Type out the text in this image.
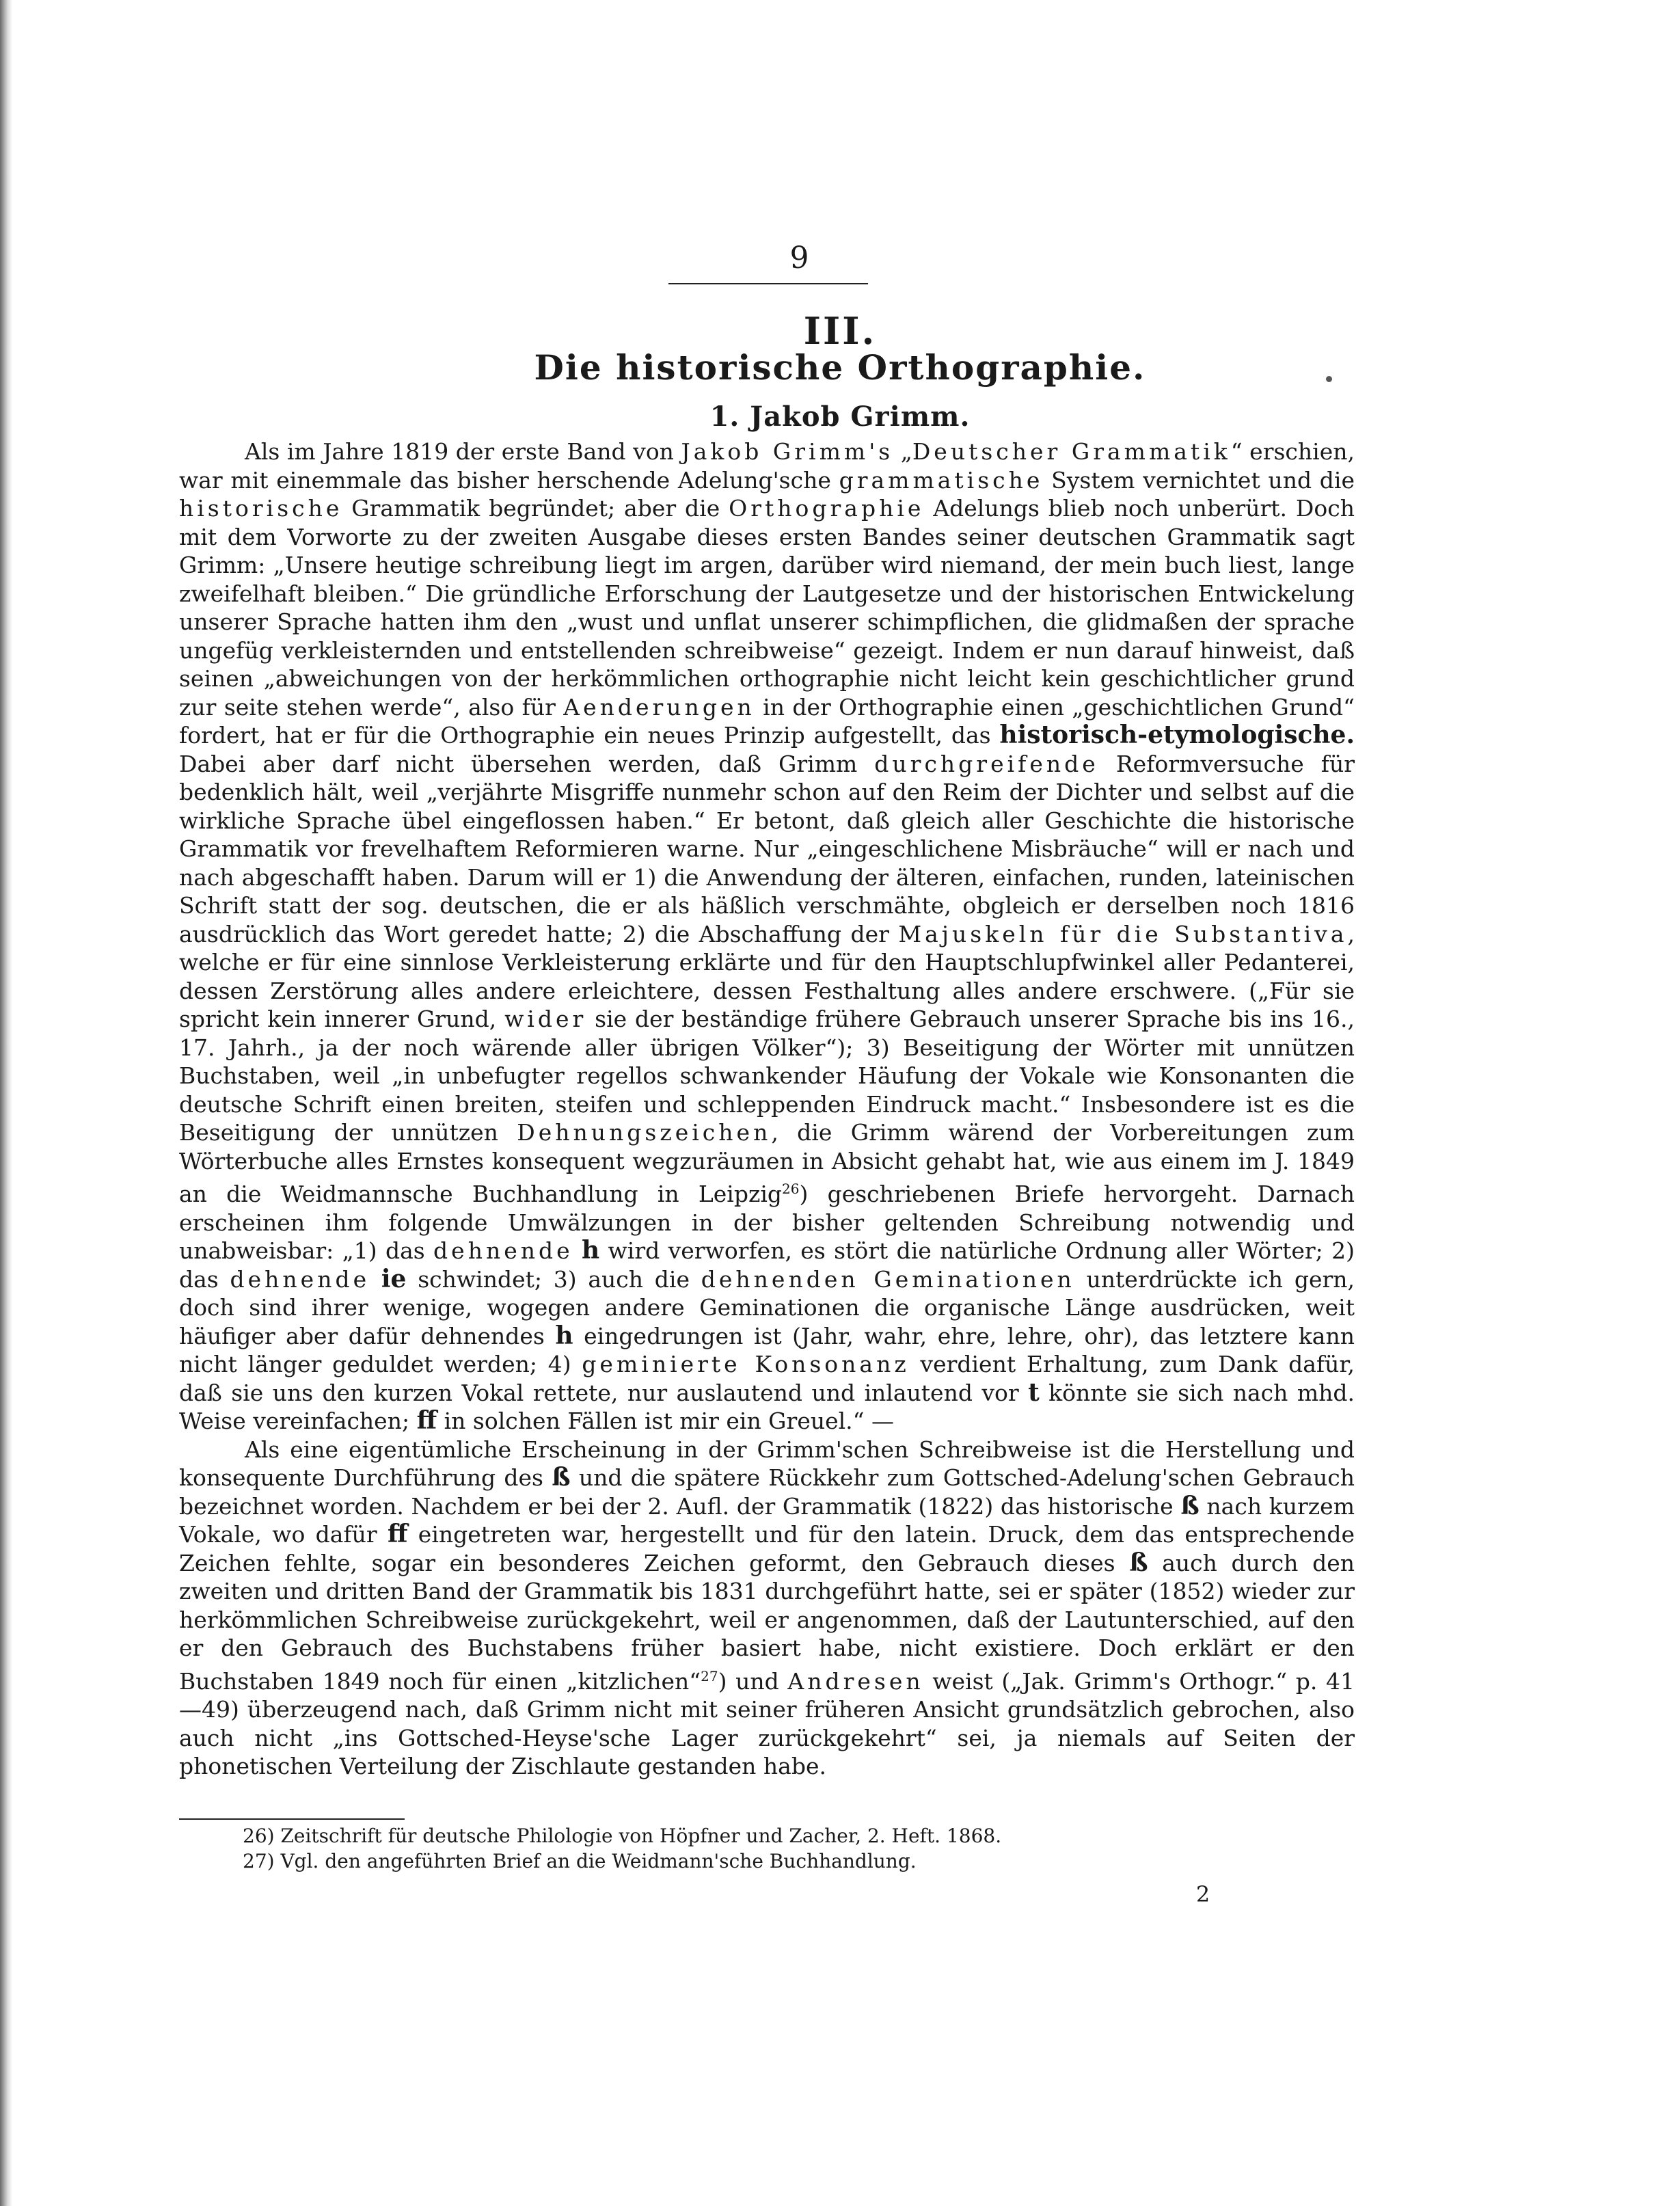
9
III.
Die historische Orthographie.
1. Jakob Grimm.

Als im Jahre 1819 der erste Band von Jakob Grimm's „Deutscher Grammatik“ erschien, war mit einemmale das bisher herschende Adelung'sche grammatische System vernichtet und die historische Grammatik begründet; aber die Orthographie Adelungs blieb noch unberürt. Doch mit dem Vorworte zu der zweiten Ausgabe dieses ersten Bandes seiner deutschen Grammatik sagt Grimm: „Unsere heutige schreibung liegt im argen, darüber wird niemand, der mein buch liest, lange zweifelhaft bleiben.“ Die gründliche Erforschung der Lautgesetze und der historischen Entwickelung unserer Sprache hatten ihm den „wust und unflat unserer schimpflichen, die glidmaßen der sprache ungefüg verkleisternden und entstellenden schreibweise“ gezeigt. Indem er nun darauf hinweist, daß seinen „abweichungen von der herkömmlichen orthographie nicht leicht kein geschichtlicher grund zur seite stehen werde“, also für Aenderungen in der Orthographie einen „geschichtlichen Grund“ fordert, hat er für die Orthographie ein neues Prinzip aufgestellt, das historisch-etymologische. Dabei aber darf nicht übersehen werden, daß Grimm durchgreifende Reformversuche für bedenklich hält, weil „verjährte Misgriffe nunmehr schon auf den Reim der Dichter und selbst auf die wirkliche Sprache übel eingeflossen haben.“ Er betont, daß gleich aller Geschichte die historische Grammatik vor frevelhaftem Reformieren warne. Nur „eingeschlichene Misbräuche“ will er nach und nach abgeschafft haben. Darum will er 1) die Anwendung der älteren, einfachen, runden, lateinischen Schrift statt der sog. deutschen, die er als häßlich verschmähte, obgleich er derselben noch 1816 ausdrücklich das Wort geredet hatte; 2) die Abschaffung der Majuskeln für die Substantiva, welche er für eine sinnlose Verkleisterung erklärte und für den Hauptschlupfwinkel aller Pedanterei, dessen Zerstörung alles andere erleichtere, dessen Festhaltung alles andere erschwere. („Für sie spricht kein innerer Grund, wider sie der beständige frühere Gebrauch unserer Sprache bis ins 16., 17. Jahrh., ja der noch wärende aller übrigen Völker“); 3) Beseitigung der Wörter mit unnützen Buchstaben, weil „in unbefugter regellos schwankender Häufung der Vokale wie Konsonanten die deutsche Schrift einen breiten, steifen und schleppenden Eindruck macht.“ Insbesondere ist es die Beseitigung der unnützen Dehnungszeichen, die Grimm wärend der Vorbereitungen zum Wörterbuche alles Ernstes konsequent wegzuräumen in Absicht gehabt hat, wie aus einem im J. 1849 an die Weidmannsche Buchhandlung in Leipzig$^{26}$) geschriebenen Briefe hervorgeht. Darnach erscheinen ihm folgende Umwälzungen in der bisher geltenden Schreibung notwendig und unabweisbar: „1) das dehnende h wird verworfen, es stört die natürliche Ordnung aller Wörter; 2) das dehnende ie schwindet; 3) auch die dehnenden Geminationen unterdrückte ich gern, doch sind ihrer wenige, wogegen andere Geminationen die organische Länge ausdrücken, weit häufiger aber dafür dehnendes h eingedrungen ist (Jahr, wahr, ehre, lehre, ohr), das letztere kann nicht länger geduldet werden; 4) geminierte Konsonanz verdient Erhaltung, zum Dank dafür, daß sie uns den kurzen Vokal rettete, nur auslautend und inlautend vor t könnte sie sich nach mhd. Weise vereinfachen; ff in solchen Fällen ist mir ein Greuel.“ —

Als eine eigentümliche Erscheinung in der Grimm'schen Schreibweise ist die Herstellung und konsequente Durchführung des ß und die spätere Rückkehr zum Gottsched-Adelung'schen Gebrauch bezeichnet worden. Nachdem er bei der 2. Aufl. der Grammatik (1822) das historische ß nach kurzem Vokale, wo dafür ff eingetreten war, hergestellt und für den latein. Druck, dem das entsprechende Zeichen fehlte, sogar ein besonderes Zeichen geformt, den Gebrauch dieses ß auch durch den zweiten und dritten Band der Grammatik bis 1831 durchgeführt hatte, sei er später (1852) wieder zur herkömmlichen Schreibweise zurückgekehrt, weil er angenommen, daß der Lautunterschied, auf den er den Gebrauch des Buchstabens früher basiert habe, nicht existiere. Doch erklärt er den Buchstaben 1849 noch für einen „kitzlichen“$^{27}$) und Andresen weist („Jak. Grimm's Orthogr.“ p. 41—49) überzeugend nach, daß Grimm nicht mit seiner früheren Ansicht grundsätzlich gebrochen, also auch nicht „ins Gottsched-Heyse'sche Lager zurückgekehrt“ sei, ja niemals auf Seiten der phonetischen Verteilung der Zischlaute gestanden habe.

26) Zeitschrift für deutsche Philologie von Höpfner und Zacher, 2. Heft. 1868.
27) Vgl. den angeführten Brief an die Weidmann'sche Buchhandlung.
2
